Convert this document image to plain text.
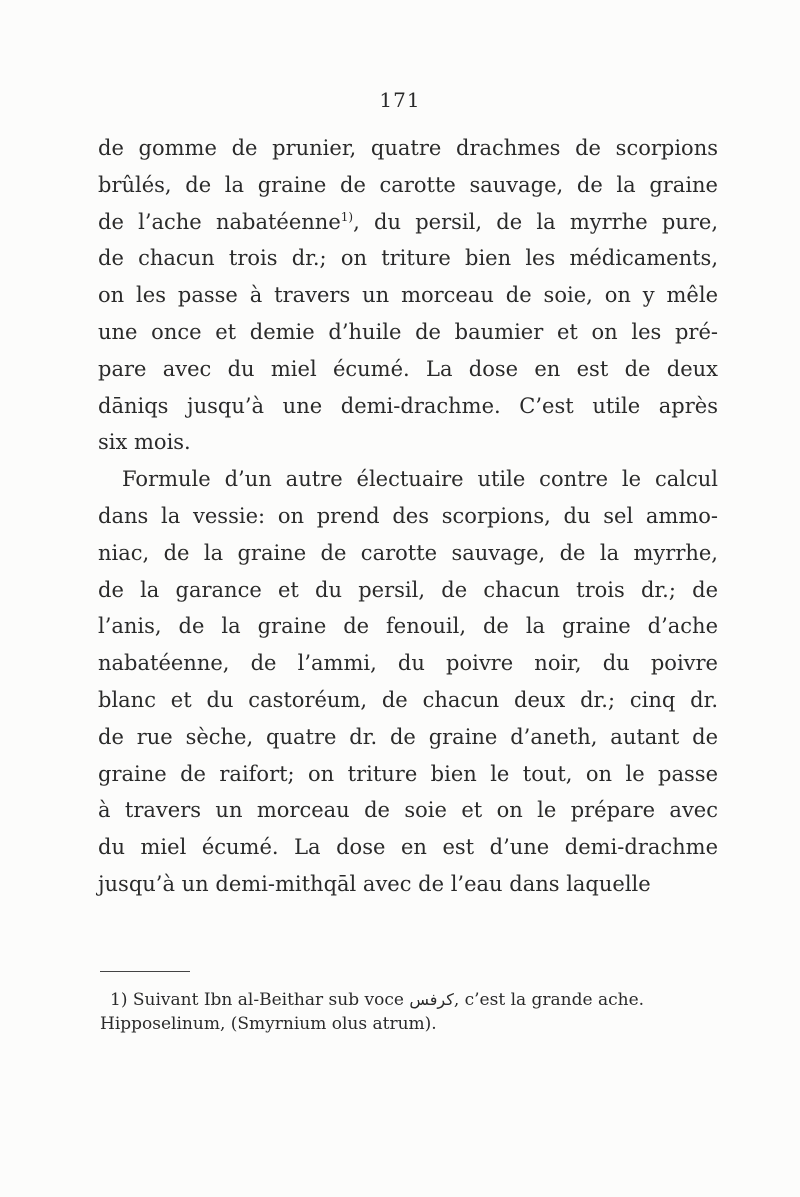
171
de gomme de prunier, quatre drachmes de scorpions
brûlés, de la graine de carotte sauvage, de la graine
de l’ache nabatéenne$^{1)}$, du persil, de la myrrhe pure,
de chacun trois dr.; on triture bien les médicaments,
on les passe à travers un morceau de soie, on y mêle
une once et demie d’huile de baumier et on les pré-
pare avec du miel écumé. La dose en est de deux
dāniqs jusqu’à une demi-drachme. C’est utile après
six mois.
Formule d’un autre électuaire utile contre le calcul
dans la vessie: on prend des scorpions, du sel ammo-
niac, de la graine de carotte sauvage, de la myrrhe,
de la garance et du persil, de chacun trois dr.; de
l’anis, de la graine de fenouil, de la graine d’ache
nabatéenne, de l’ammi, du poivre noir, du poivre
blanc et du castoréum, de chacun deux dr.; cinq dr.
de rue sèche, quatre dr. de graine d’aneth, autant de
graine de raifort; on triture bien le tout, on le passe
à travers un morceau de soie et on le prépare avec
du miel écumé. La dose en est d’une demi-drachme
jusqu’à un demi-mithqāl avec de l’eau dans laquelle
1) Suivant Ibn al-Beithar sub voce كرفس, c’est la grande ache.
Hipposelinum, (Smyrnium olus atrum).
